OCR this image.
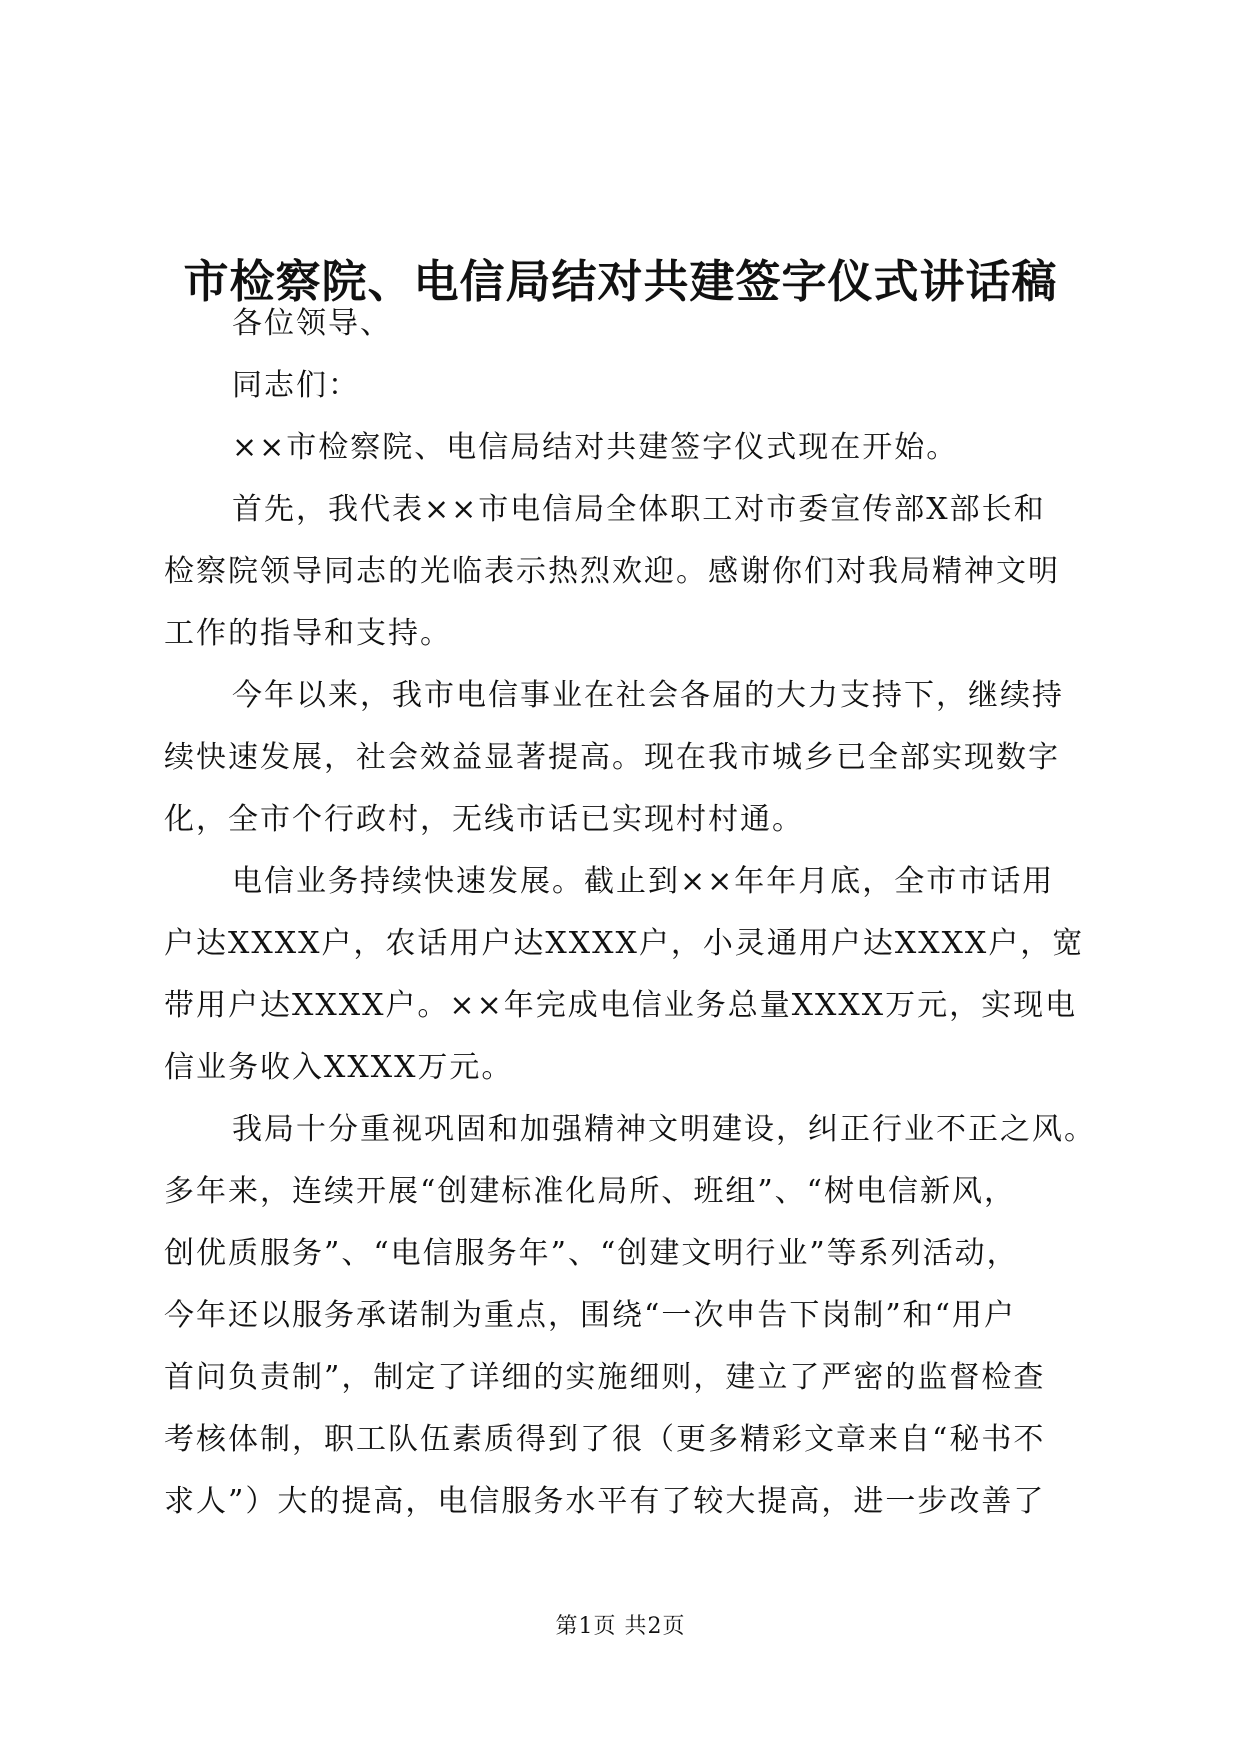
市检察院、电信局结对共建签字仪式讲话稿

各位领导、

同志们：

××市检察院、电信局结对共建签字仪式现在开始。

首先，我代表××市电信局全体职工对市委宣传部X部长和

检察院领导同志的光临表示热烈欢迎。感谢你们对我局精神文明

工作的指导和支持。

今年以来，我市电信事业在社会各届的大力支持下，继续持

续快速发展，社会效益显著提高。现在我市城乡已全部实现数字

化，全市个行政村，无线市话已实现村村通。

电信业务持续快速发展。截止到××年年月底，全市市话用

户达XXXX户，农话用户达XXXX户，小灵通用户达XXXX户，宽

带用户达XXXX户。××年完成电信业务总量XXXX万元，实现电

信业务收入XXXX万元。

我局十分重视巩固和加强精神文明建设，纠正行业不正之风。

多年来，连续开展“创建标准化局所、班组”、“树电信新风，

创优质服务”、“电信服务年”、“创建文明行业”等系列活动，

今年还以服务承诺制为重点，围绕“一次申告下岗制”和“用户

首问负责制”，制定了详细的实施细则，建立了严密的监督检查

考核体制，职工队伍素质得到了很（更多精彩文章来自“秘书不

求人”）大的提高，电信服务水平有了较大提高，进一步改善了

第1页 共2页
